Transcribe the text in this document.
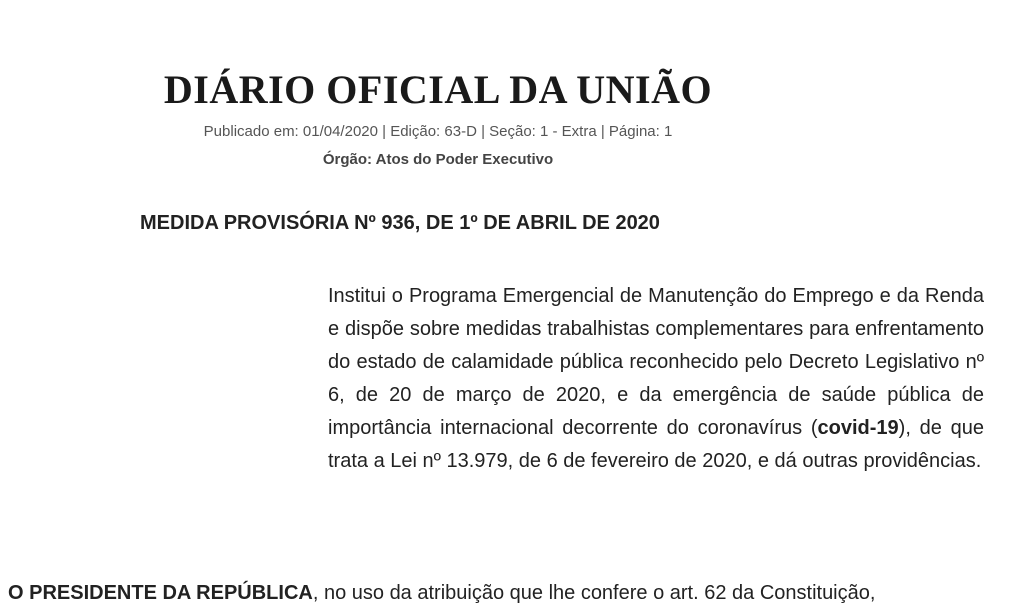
DIÁRIO OFICIAL DA UNIÃO
Publicado em: 01/04/2020 | Edição: 63-D | Seção: 1 - Extra | Página: 1
Órgão: Atos do Poder Executivo
MEDIDA PROVISÓRIA Nº 936, DE 1º DE ABRIL DE 2020

Institui o Programa Emergencial de Manutenção do Emprego e da Renda e dispõe sobre medidas trabalhistas complementares para enfrentamento do estado de calamidade pública reconhecido pelo Decreto Legislativo nº 6, de 20 de março de 2020, e da emergência de saúde pública de importância internacional decorrente do coronavírus (covid-19), de que trata a Lei nº 13.979, de 6 de fevereiro de 2020, e dá outras providências.

O PRESIDENTE DA REPÚBLICA, no uso da atribuição que lhe confere o art. 62 da Constituição,
